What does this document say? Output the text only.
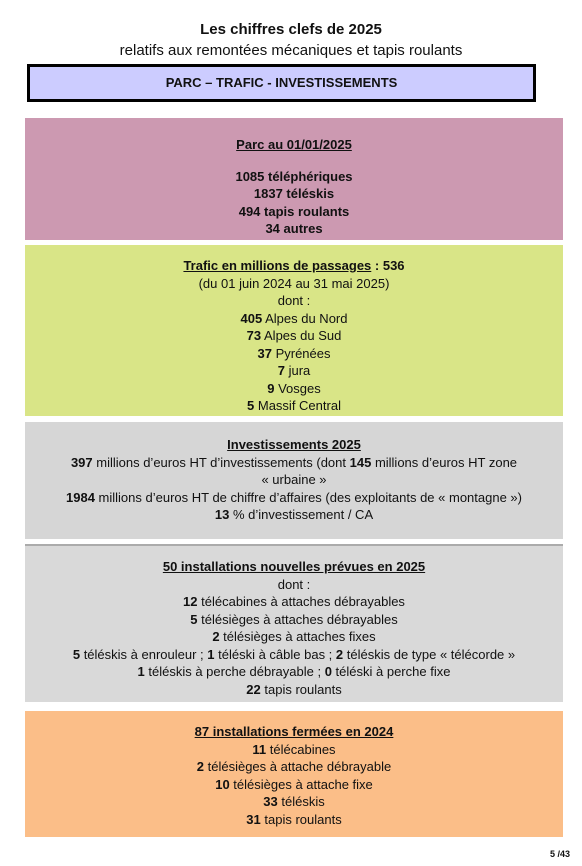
Les chiffres clefs de 2025
relatifs aux remontées mécaniques et tapis roulants
PARC – TRAFIC - INVESTISSEMENTS
Parc au 01/01/2025
1085 téléphériques
1837 téléskis
494 tapis roulants
34 autres
Trafic en millions de passages : 536
(du 01 juin 2024 au 31 mai 2025)
dont :
405 Alpes du Nord
73 Alpes du Sud
37 Pyrénées
7 jura
9 Vosges
5 Massif Central
Investissements 2025
397 millions d’euros HT d’investissements (dont 145 millions d’euros HT zone
« urbaine »
1984 millions d’euros HT de chiffre d’affaires (des exploitants de « montagne »)
13 % d’investissement / CA
50 installations nouvelles prévues en 2025
dont :
12 télécabines à attaches débrayables
5 télésièges à attaches débrayables
2 télésièges à attaches fixes
5 téléskis à enrouleur ; 1 téléski à câble bas ; 2 téléskis de type « télécorde »
1 téléskis à perche débrayable ; 0 téléski à perche fixe
22 tapis roulants
87 installations fermées en 2024
11 télécabines
2 télésièges à attache débrayable
10 télésièges à attache fixe
33 téléskis
31 tapis roulants
5 /43
